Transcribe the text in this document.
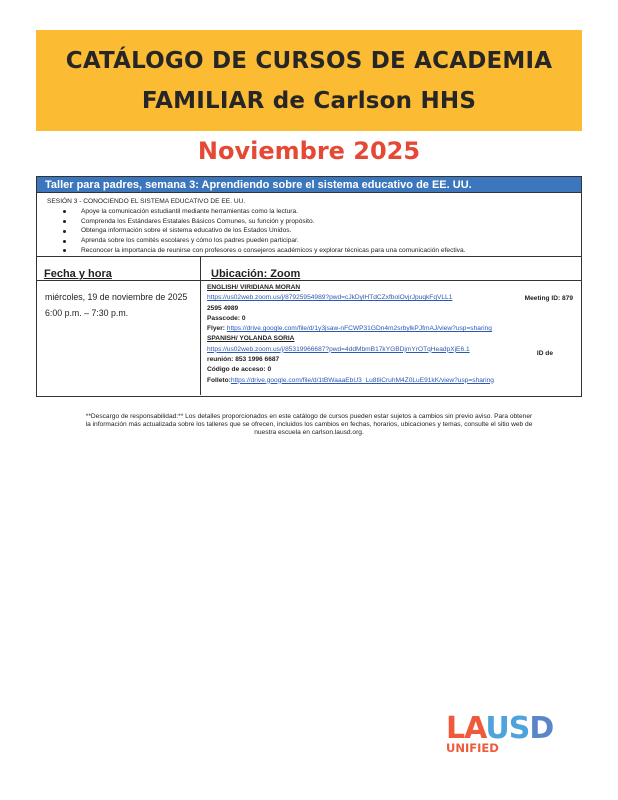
CATÁLOGO DE CURSOS DE ACADEMIA
FAMILIAR de Carlson HHS
Noviembre 2025
Taller para padres, semana 3: Aprendiendo sobre el sistema educativo de EE. UU.
SESIÓN 3 - CONOCIENDO EL SISTEMA EDUCATIVO DE EE. UU.
Apoye la comunicación estudiantil mediante herramientas como la lectura.
Comprenda los Estándares Estatales Básicos Comunes, su función y propósito.
Obtenga información sobre el sistema educativo de los Estados Unidos.
Aprenda sobre los comités escolares y cómo los padres pueden participar.
Reconocer la importancia de reunirse con profesores o consejeros académicos y explorar técnicas para una comunicación efectiva.
Fecha y hora	Ubicación: Zoom
miércoles, 19 de noviembre de 2025
6:00 p.m. – 7:30 p.m.
ENGLISH/ VIRIDIANA MORAN
https://us02web.zoom.us/j/87925954989?pwd=cJkDylHTdCZxfbolOvjrJpuqkFqVLL1	Meeting ID: 879
2595 4989
Passcode: 0
Flyer: https://drive.google.com/file/d/1y3jsaw-nFCWP31GDn4m2srbylkPJfmAJ/view?usp=sharing
SPANISH/ YOLANDA SORIA
https://us02web.zoom.us/j/85319966687?pwd=4ddMbmB17kYGBDjmYrOTqHeadpXjE6.1
ID de
reunión: 853 1996 6687
Código de acceso: 0
Folleto:https://drive.google.com/file/d/1tBWaaaEbU3_Lu8tliCruhM4Z0LuE91kK/view?usp=sharing
**Descargo de responsabilidad:** Los detalles proporcionados en este catálogo de cursos pueden estar sujetos a cambios sin previo aviso. Para obtener
la información más actualizada sobre los talleres que se ofrecen, incluidos los cambios en fechas, horarios, ubicaciones y temas, consulte el sitio web de
nuestra escuela en carlson.lausd.org.
LAUSD
UNIFIED
